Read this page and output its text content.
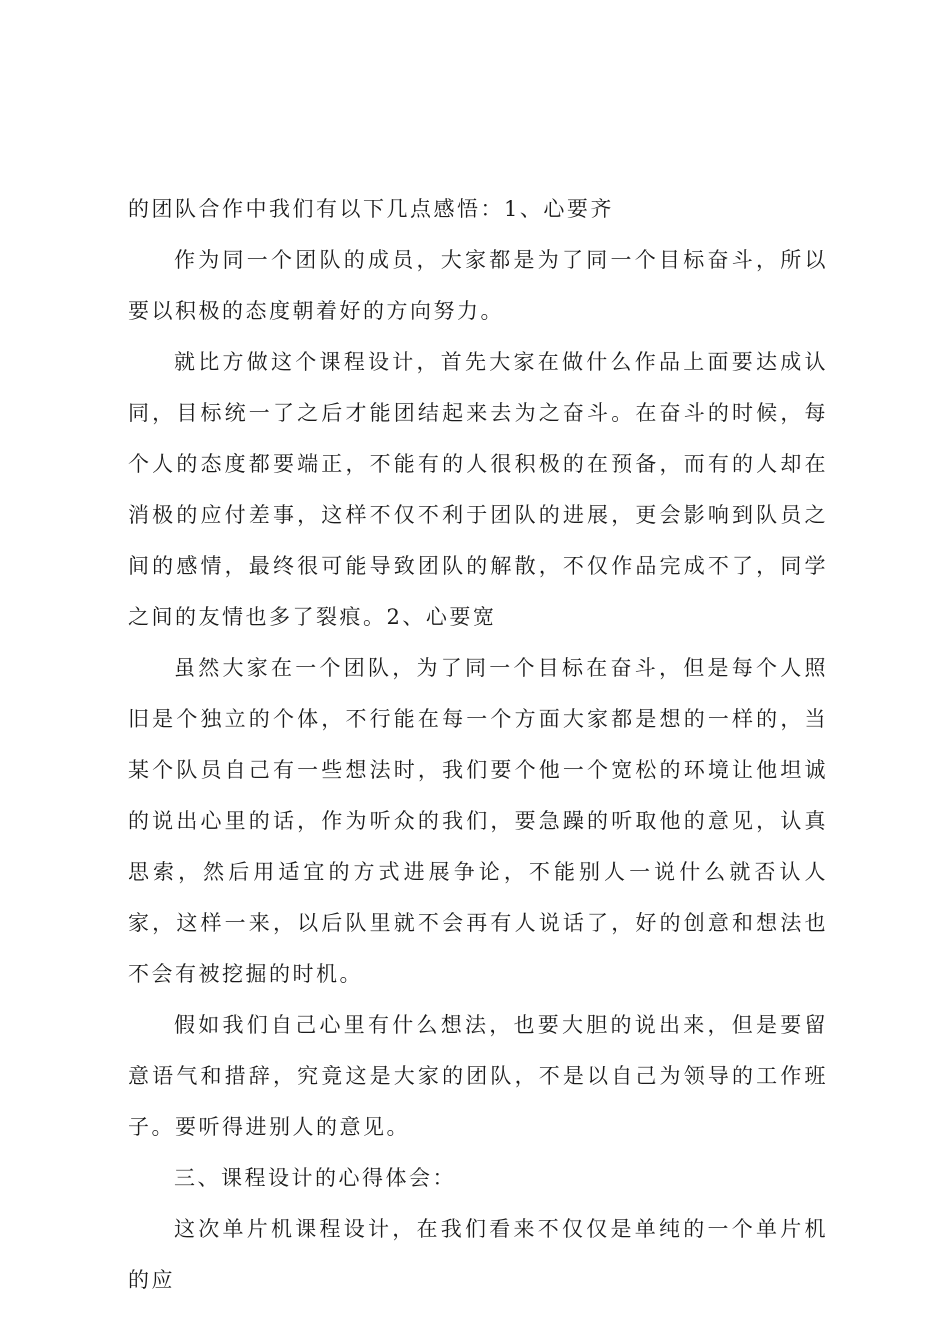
的团队合作中我们有以下几点感悟：1、心要齐

作为同一个团队的成员，大家都是为了同一个目标奋斗，所以要以积极的态度朝着好的方向努力。

就比方做这个课程设计，首先大家在做什么作品上面要达成认同，目标统一了之后才能团结起来去为之奋斗。在奋斗的时候，每个人的态度都要端正，不能有的人很积极的在预备，而有的人却在消极的应付差事，这样不仅不利于团队的进展，更会影响到队员之间的感情，最终很可能导致团队的解散，不仅作品完成不了，同学之间的友情也多了裂痕。2、心要宽

虽然大家在一个团队，为了同一个目标在奋斗，但是每个人照旧是个独立的个体，不行能在每一个方面大家都是想的一样的，当某个队员自己有一些想法时，我们要个他一个宽松的环境让他坦诚的说出心里的话，作为听众的我们，要急躁的听取他的意见，认真思索，然后用适宜的方式进展争论，不能别人一说什么就否认人家，这样一来，以后队里就不会再有人说话了，好的创意和想法也不会有被挖掘的时机。

假如我们自己心里有什么想法，也要大胆的说出来，但是要留意语气和措辞，究竟这是大家的团队，不是以自己为领导的工作班子。要听得进别人的意见。

三、课程设计的心得体会：

这次单片机课程设计，在我们看来不仅仅是单纯的一个单片机的应
